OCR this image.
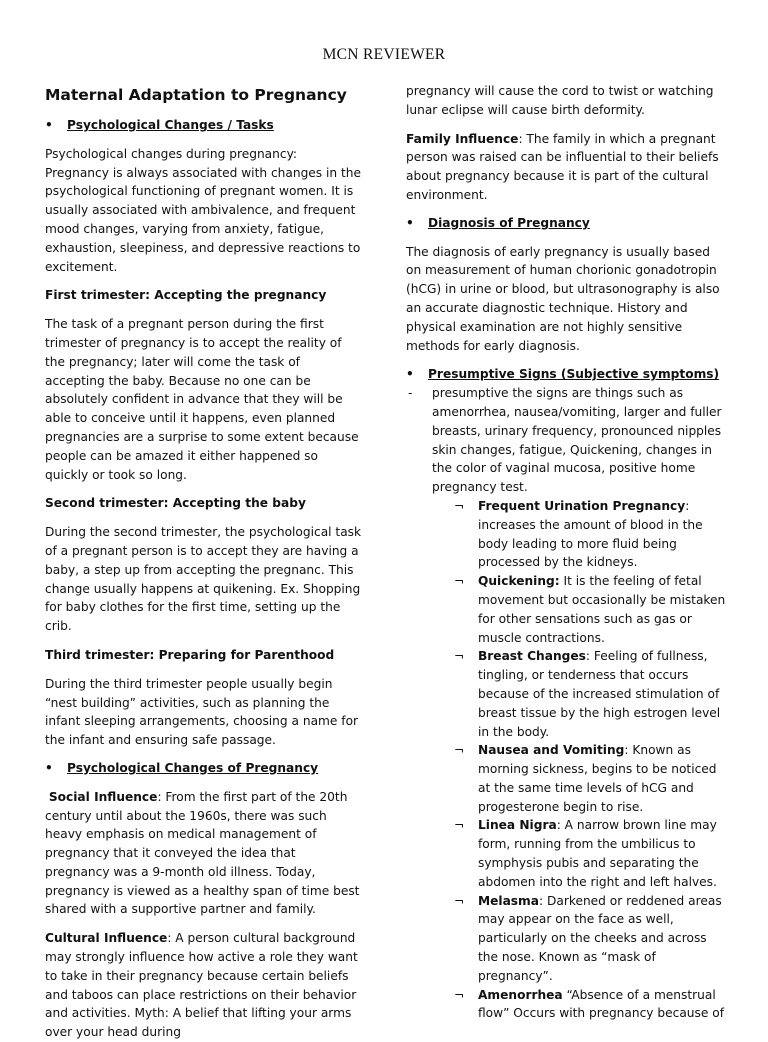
MCN REVIEWER
Maternal Adaptation to Pregnancy
• Psychological Changes / Tasks

Psychological changes during pregnancy: Pregnancy is always associated with changes in the psychological functioning of pregnant women. It is usually associated with ambivalence, and frequent mood changes, varying from anxiety, fatigue, exhaustion, sleepiness, and depressive reactions to excitement.

First trimester: Accepting the pregnancy

The task of a pregnant person during the first trimester of pregnancy is to accept the reality of the pregnancy; later will come the task of accepting the baby. Because no one can be absolutely confident in advance that they will be able to conceive until it happens, even planned pregnancies are a surprise to some extent because people can be amazed it either happened so quickly or took so long.

Second trimester: Accepting the baby

During the second trimester, the psychological task of a pregnant person is to accept they are having a baby, a step up from accepting the pregnanc. This change usually happens at quikening. Ex. Shopping for baby clothes for the first time, setting up the crib.

Third trimester: Preparing for Parenthood

During the third trimester people usually begin “nest building” activities, such as planning the infant sleeping arrangements, choosing a name for the infant and ensuring safe passage.

• Psychological Changes of Pregnancy

Social Influence: From the first part of the 20th century until about the 1960s, there was such heavy emphasis on medical management of pregnancy that it conveyed the idea that pregnancy was a 9-month old illness. Today, pregnancy is viewed as a healthy span of time best shared with a supportive partner and family.

Cultural Influence: A person cultural background may strongly influence how active a role they want to take in their pregnancy because certain beliefs and taboos can place restrictions on their behavior and activities. Myth: A belief that lifting your arms over your head during

pregnancy will cause the cord to twist or watching lunar eclipse will cause birth deformity.

Family Influence: The family in which a pregnant person was raised can be influential to their beliefs about pregnancy because it is part of the cultural environment.

• Diagnosis of Pregnancy

The diagnosis of early pregnancy is usually based on measurement of human chorionic gonadotropin (hCG) in urine or blood, but ultrasonography is also an accurate diagnostic technique. History and physical examination are not highly sensitive methods for early diagnosis.

• Presumptive Signs (Subjective symptoms)
- presumptive the signs are things such as amenorrhea, nausea/vomiting, larger and fuller breasts, urinary frequency, pronounced nipples skin changes, fatigue, Quickening, changes in the color of vaginal mucosa, positive home pregnancy test.
¬ Frequent Urination Pregnancy: increases the amount of blood in the body leading to more fluid being processed by the kidneys.
¬ Quickening: It is the feeling of fetal movement but occasionally be mistaken for other sensations such as gas or muscle contractions.
¬ Breast Changes: Feeling of fullness, tingling, or tenderness that occurs because of the increased stimulation of breast tissue by the high estrogen level in the body.
¬ Nausea and Vomiting: Known as morning sickness, begins to be noticed at the same time levels of hCG and progesterone begin to rise.
¬ Linea Nigra: A narrow brown line may form, running from the umbilicus to symphysis pubis and separating the abdomen into the right and left halves.
¬ Melasma: Darkened or reddened areas may appear on the face as well, particularly on the cheeks and across the nose. Known as “mask of pregnancy”.
¬ Amenorrhea “Absence of a menstrual flow” Occurs with pregnancy because of
